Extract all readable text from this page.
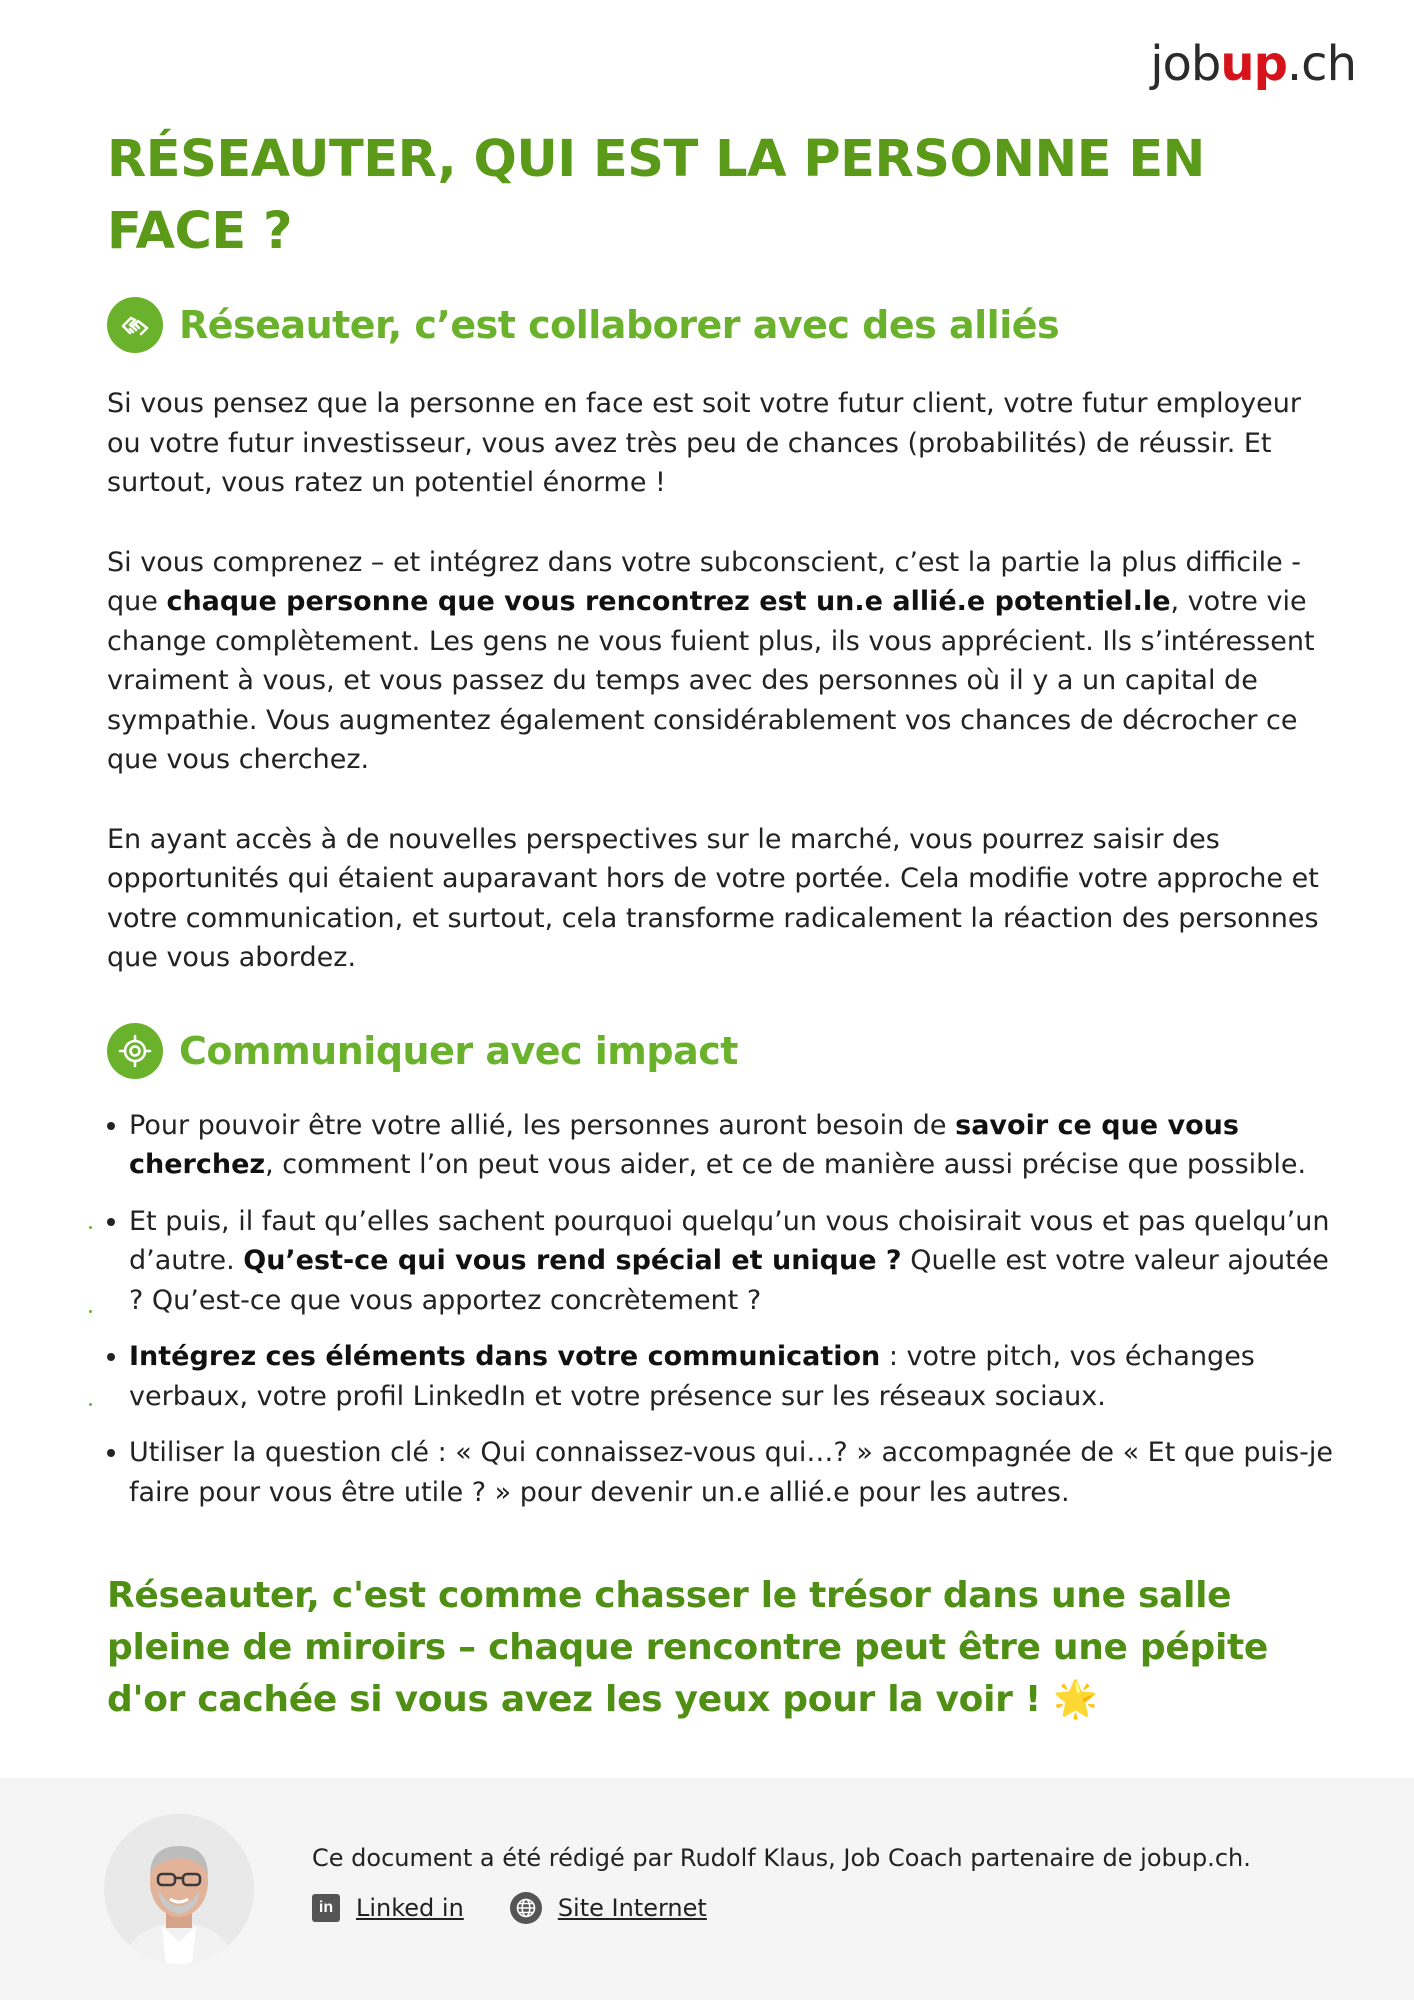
jobup.ch
RÉSEAUTER, QUI EST LA PERSONNE EN FACE ?
Réseauter, c’est collaborer avec des alliés

Si vous pensez que la personne en face est soit votre futur client, votre futur employeur ou votre futur investisseur, vous avez très peu de chances (probabilités) de réussir. Et surtout, vous ratez un potentiel énorme !

Si vous comprenez – et intégrez dans votre subconscient, c’est la partie la plus difficile - que chaque personne que vous rencontrez est un.e allié.e potentiel.le, votre vie change complètement. Les gens ne vous fuient plus, ils vous apprécient. Ils s’intéressent vraiment à vous, et vous passez du temps avec des personnes où il y a un capital de sympathie. Vous augmentez également considérablement vos chances de décrocher ce que vous cherchez.

En ayant accès à de nouvelles perspectives sur le marché, vous pourrez saisir des opportunités qui étaient auparavant hors de votre portée. Cela modifie votre approche et votre communication, et surtout, cela transforme radicalement la réaction des personnes que vous abordez.

Communiquer avec impact
Pour pouvoir être votre allié, les personnes auront besoin de savoir ce que vous cherchez, comment l’on peut vous aider, et ce de manière aussi précise que possible.
Et puis, il faut qu’elles sachent pourquoi quelqu’un vous choisirait vous et pas quelqu’un d’autre. Qu’est-ce qui vous rend spécial et unique ? Quelle est votre valeur ajoutée ? Qu’est-ce que vous apportez concrètement ?
Intégrez ces éléments dans votre communication : votre pitch, vos échanges verbaux, votre profil LinkedIn et votre présence sur les réseaux sociaux.
Utiliser la question clé : « Qui connaissez-vous qui…? » accompagnée de « Et que puis-je faire pour vous être utile ? » pour devenir un.e allié.e pour les autres.

Réseauter, c'est comme chasser le trésor dans une salle pleine de miroirs – chaque rencontre peut être une pépite d'or cachée si vous avez les yeux pour la voir ! 🌟

Ce document a été rédigé par Rudolf Klaus, Job Coach partenaire de jobup.ch.

in Linked in	Site Internet
